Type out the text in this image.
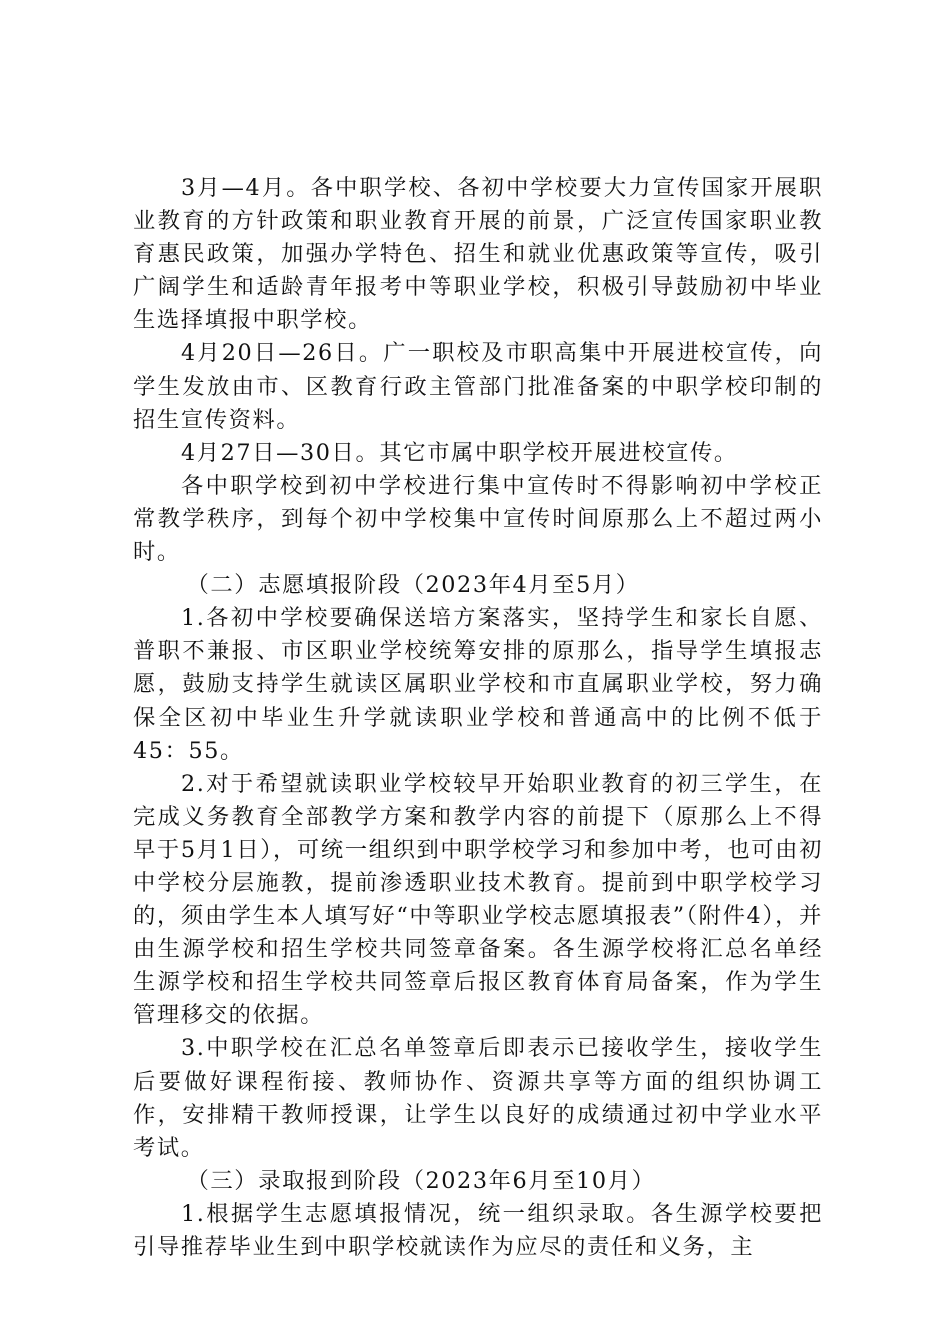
3月—4月。各中职学校、各初中学校要大力宣传国家开展职业教育的方针政策和职业教育开展的前景，广泛宣传国家职业教育惠民政策，加强办学特色、招生和就业优惠政策等宣传，吸引广阔学生和适龄青年报考中等职业学校，积极引导鼓励初中毕业生选择填报中职学校。

4月20日—26日。广一职校及市职高集中开展进校宣传，向学生发放由市、区教育行政主管部门批准备案的中职学校印制的招生宣传资料。

4月27日—30日。其它市属中职学校开展进校宣传。

各中职学校到初中学校进行集中宣传时不得影响初中学校正常教学秩序，到每个初中学校集中宣传时间原那么上不超过两小时。

（二）志愿填报阶段（2023年4月至5月）

1.各初中学校要确保送培方案落实，坚持学生和家长自愿、普职不兼报、市区职业学校统筹安排的原那么，指导学生填报志愿，鼓励支持学生就读区属职业学校和市直属职业学校，努力确保全区初中毕业生升学就读职业学校和普通高中的比例不低于45：55。

2.对于希望就读职业学校较早开始职业教育的初三学生，在完成义务教育全部教学方案和教学内容的前提下（原那么上不得早于5月1日），可统一组织到中职学校学习和参加中考，也可由初中学校分层施教，提前渗透职业技术教育。提前到中职学校学习的，须由学生本人填写好“中等职业学校志愿填报表”（附件4），并由生源学校和招生学校共同签章备案。各生源学校将汇总名单经生源学校和招生学校共同签章后报区教育体育局备案，作为学生管理移交的依据。

3.中职学校在汇总名单签章后即表示已接收学生，接收学生后要做好课程衔接、教师协作、资源共享等方面的组织协调工作，安排精干教师授课，让学生以良好的成绩通过初中学业水平考试。

（三）录取报到阶段（2023年6月至10月）

1.根据学生志愿填报情况，统一组织录取。各生源学校要把引导推荐毕业生到中职学校就读作为应尽的责任和义务，主
